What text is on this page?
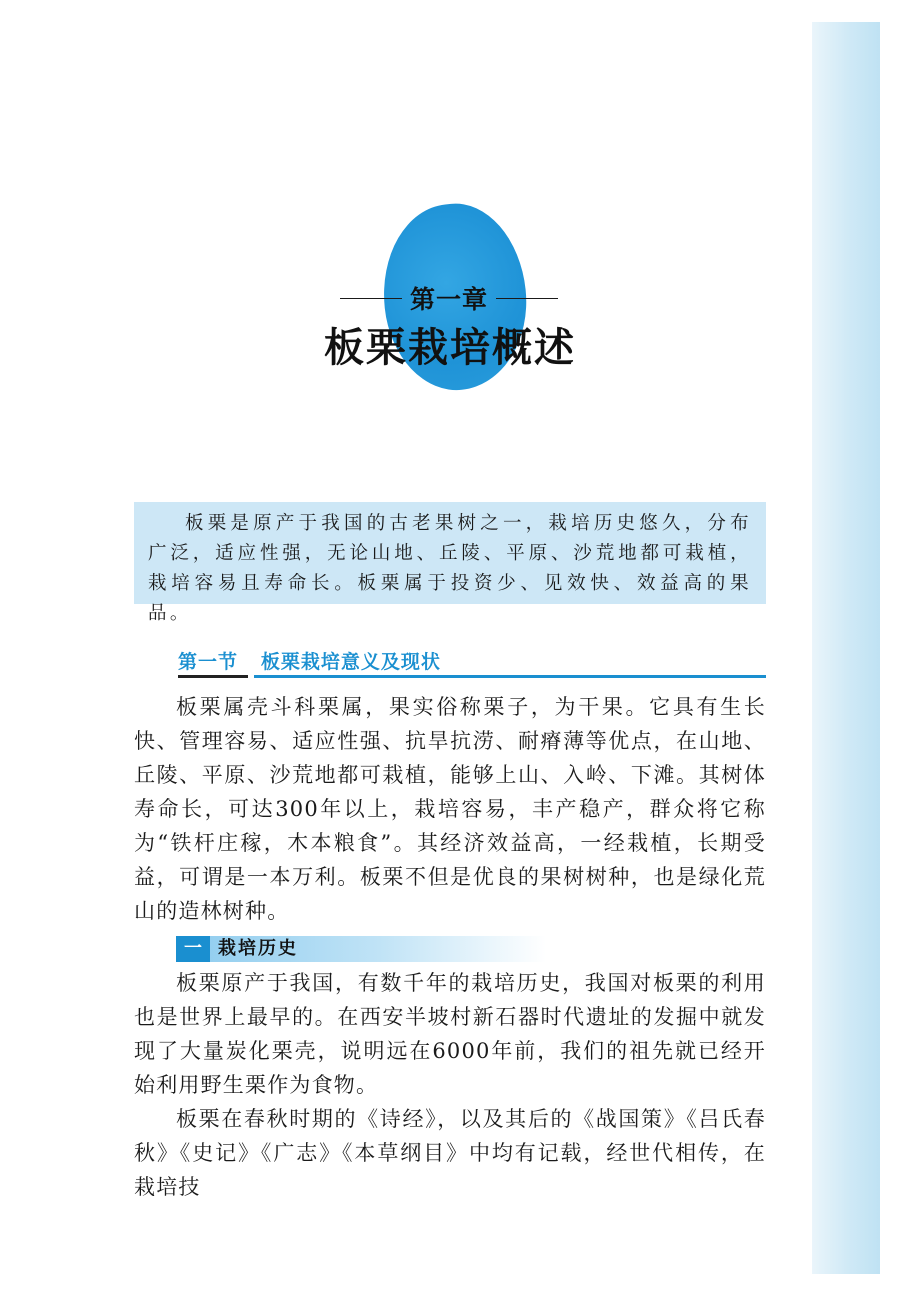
第一章
板栗栽培概述
板栗是原产于我国的古老果树之一，栽培历史悠久，分布广泛，适应性强，无论山地、丘陵、平原、沙荒地都可栽植，栽培容易且寿命长。板栗属于投资少、见效快、效益高的果品。
第一节 板栗栽培意义及现状

板栗属壳斗科栗属，果实俗称栗子，为干果。它具有生长快、管理容易、适应性强、抗旱抗涝、耐瘠薄等优点，在山地、丘陵、平原、沙荒地都可栽植，能够上山、入岭、下滩。其树体寿命长，可达300年以上，栽培容易，丰产稳产，群众将它称为“铁杆庄稼，木本粮食”。其经济效益高，一经栽植，长期受益，可谓是一本万利。板栗不但是优良的果树树种，也是绿化荒山的造林树种。

一 栽培历史

板栗原产于我国，有数千年的栽培历史，我国对板栗的利用也是世界上最早的。在西安半坡村新石器时代遗址的发掘中就发现了大量炭化栗壳，说明远在6000年前，我们的祖先就已经开始利用野生栗作为食物。

板栗在春秋时期的《诗经》，以及其后的《战国策》《吕氏春秋》《史记》《广志》《本草纲目》中均有记载，经世代相传，在栽培技
